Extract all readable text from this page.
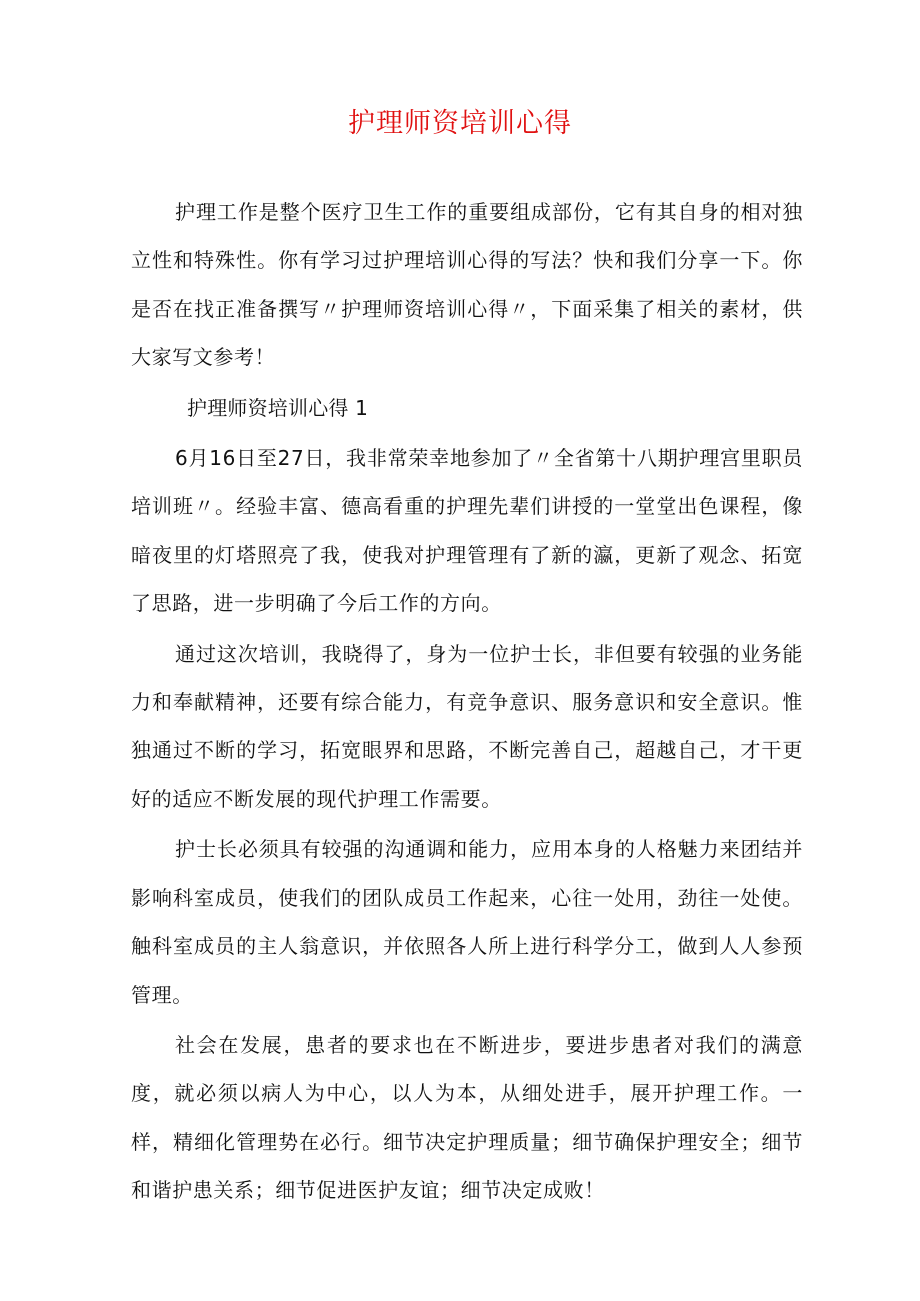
护理师资培训心得

护理工作是整个医疗卫生工作的重要组成部份，它有其自身的相对独立性和特殊性。你有学习过护理培训心得的写法？快和我们分享一下。你是否在找正准备撰写〃护理师资培训心得〃，下面采集了相关的素材，供大家写文参考！

护理师资培训心得 1

6月16日至27日，我非常荣幸地参加了〃全省第十八期护理宫里职员培训班〃。经验丰富、德高看重的护理先辈们讲授的一堂堂出色课程，像暗夜里的灯塔照亮了我，使我对护理管理有了新的瀛，更新了观念、拓宽了思路，进一步明确了今后工作的方向。

通过这次培训，我晓得了，身为一位护士长，非但要有较强的业务能力和奉献精神，还要有综合能力，有竞争意识、服务意识和安全意识。惟独通过不断的学习，拓宽眼界和思路，不断完善自己，超越自己，才干更好的适应不断发展的现代护理工作需要。

护士长必须具有较强的沟通调和能力，应用本身的人格魅力来团结并影响科室成员，使我们的团队成员工作起来，心往一处用，劲往一处使。触科室成员的主人翁意识，并依照各人所上进行科学分工，做到人人参预管理。

社会在发展，患者的要求也在不断进步，要进步患者对我们的满意度，就必须以病人为中心，以人为本，从细处进手，展开护理工作。一样，精细化管理势在必行。细节决定护理质量；细节确保护理安全；细节和谐护患关系；细节促进医护友谊；细节决定成败！
